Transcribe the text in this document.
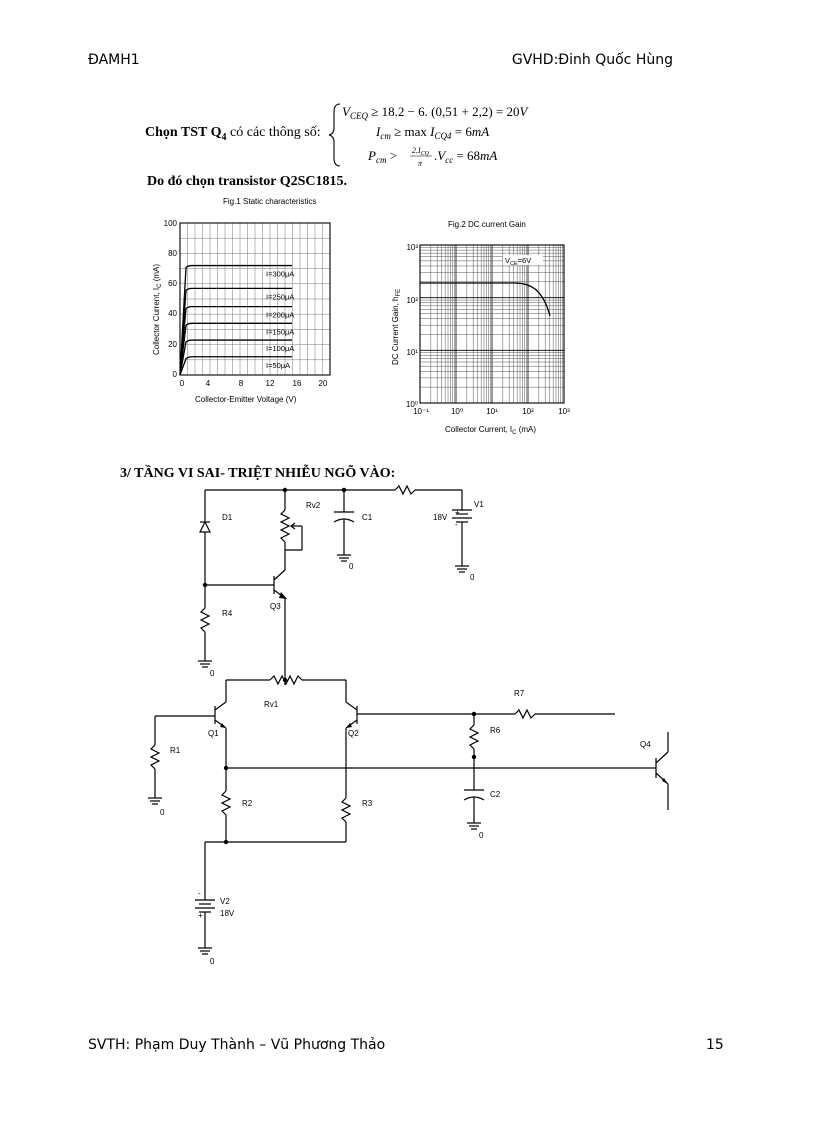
ĐAMH1	GVHD:Đinh Quốc Hùng
Chọn TST $Q_4$ có các thông số:
$V_{CEQ} \ge 18.2 - 6$. (0,51 + 2,2) = 20V
$I_{cm} \ge \max I_{CQ4} = 6mA$
$P_{cm} > 2.I_{CQ}$
π
$.V_{cc} = 68mA$
Do đó chọn transistor Q2SC1815.
Fig.1 Static characteristics
I=300μA
I=250μA
I=200μA
I=150μA
I=100μA
I=50μA
0
20
40
60
80
100
0	4	8	12 16 20
Collector-Emitter Voltage (V)
Collector Current, $I_C$ (mA)
Fig.2 DC current Gain
$V_{CE}=6V$
10³
10²
10¹
10⁰
10⁻¹	10⁰	10¹	10²	10³
Collector Current, $I_C$ (mA)
DC Current Gain, $h_{FE}$
3/ TẦNG VI SAI- TRIỆT NHIỄU NGÕ VÀO:
D1
Rv2
C1
0
V1
18V
0
R4
Q3
0
Rv1
Q1	Q2
R1
0
R7
R6
C2
0
Q4
R2	R3
V2
18V
0
+
-
-
+
SVTH: Phạm Duy Thành – Vũ Phương Thảo	15
